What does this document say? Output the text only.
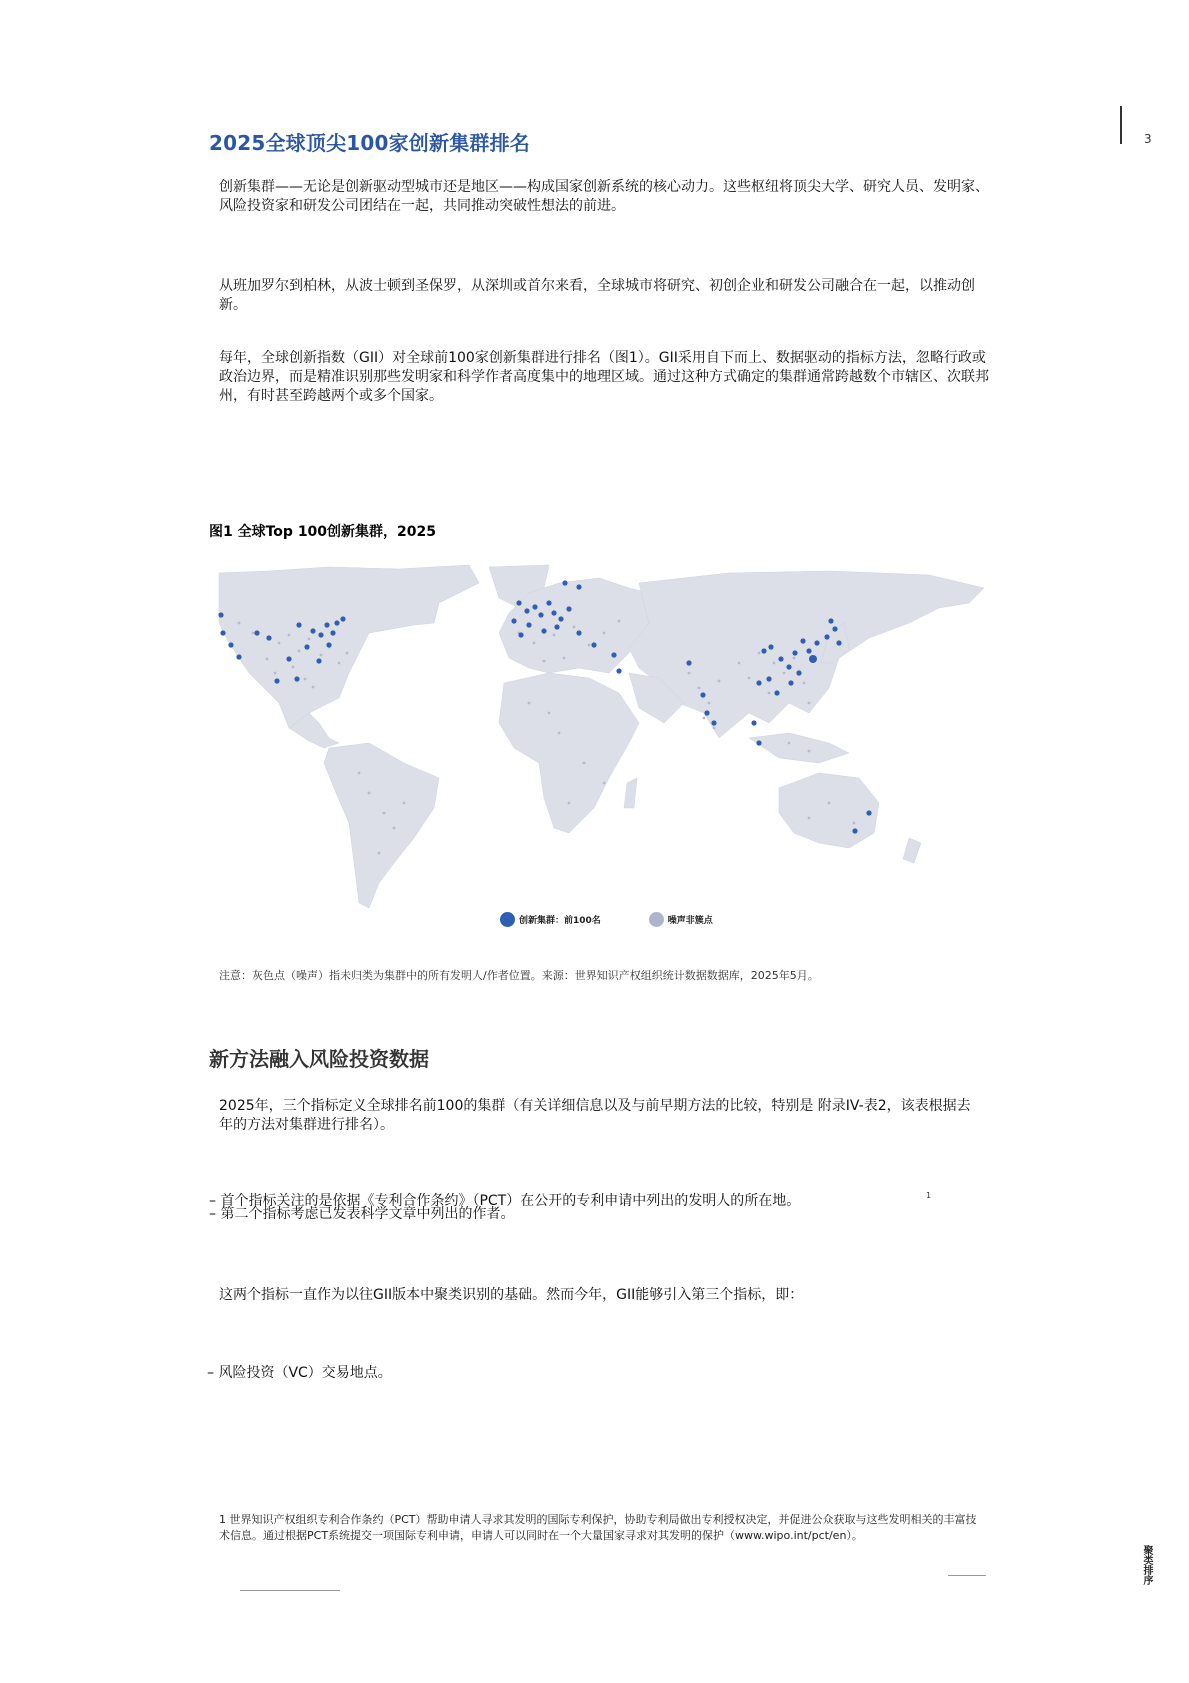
3
2025全球顶尖100家创新集群排名

创新集群——无论是创新驱动型城市还是地区——构成国家创新系统的核心动力。这些枢纽将顶尖大学、研究人员、发明家、风险投资家和研发公司团结在一起，共同推动突破性想法的前进。

从班加罗尔到柏林，从波士顿到圣保罗，从深圳或首尔来看，全球城市将研究、初创企业和研发公司融合在一起，以推动创新。

每年，全球创新指数（GII）对全球前100家创新集群进行排名（图1）。GII采用自下而上、数据驱动的指标方法，忽略行政或政治边界，而是精准识别那些发明家和科学作者高度集中的地理区域。通过这种方式确定的集群通常跨越数个市辖区、次联邦州，有时甚至跨越两个或多个国家。

图1 全球Top 100创新集群，2025
创新集群：前100名	噪声非簇点

注意：灰色点（噪声）指未归类为集群中的所有发明人/作者位置。来源：世界知识产权组织统计数据数据库，2025年5月。

新方法融入风险投资数据

2025年，三个指标定义全球排名前100的集群（有关详细信息以及与前早期方法的比较，特别是 附录IV-表2，该表根据去年的方法对集群进行排名）。

– 首个指标关注的是依据《专利合作条约》（PCT）在公开的专利申请中列出的发明人的所在地。	1
– 第二个指标考虑已发表科学文章中列出的作者。

这两个指标一直作为以往GII版本中聚类识别的基础。然而今年，GII能够引入第三个指标，即：

– 风险投资（VC）交易地点。

1 世界知识产权组织专利合作条约（PCT）帮助申请人寻求其发明的国际专利保护，协助专利局做出专利授权决定，并促进公众获取与这些发明相关的丰富技术信息。通过根据PCT系统提交一项国际专利申请，申请人可以同时在一个大量国家寻求对其发明的保护（www.wipo.int/pct/en）。

聚类排序
